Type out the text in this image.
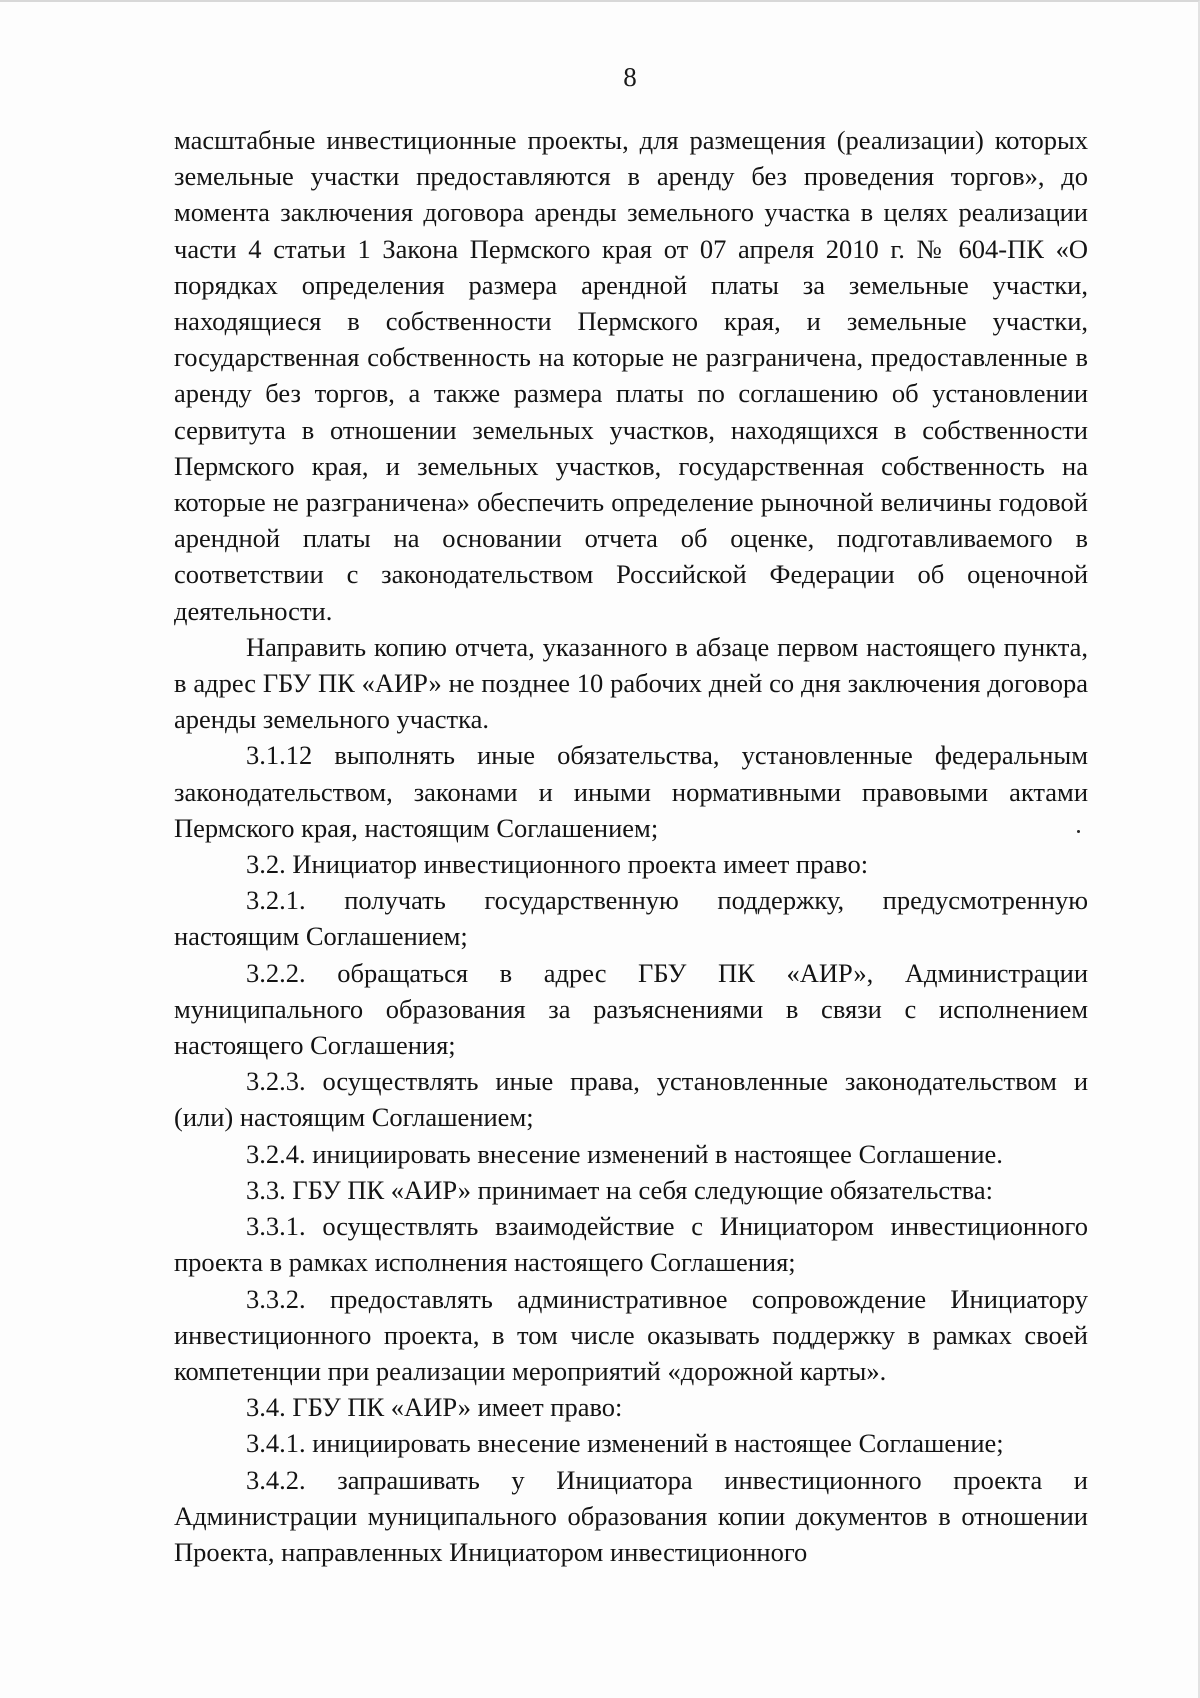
8

масштабные инвестиционные проекты, для размещения (реализации) которых земельные участки предоставляются в аренду без проведения торгов», до момента заключения договора аренды земельного участка в целях реализации части 4 статьи 1 Закона Пермского края от 07 апреля 2010 г. № 604-ПК «О порядках определения размера арендной платы за земельные участки, находящиеся в собственности Пермского края, и земельные участки, государственная собственность на которые не разграничена, предоставленные в аренду без торгов, а также размера платы по соглашению об установлении сервитута в отношении земельных участков, находящихся в собственности Пермского края, и земельных участков, государственная собственность на которые не разграничена» обеспечить определение рыночной величины годовой арендной платы на основании отчета об оценке, подготавливаемого в соответствии с законодательством Российской Федерации об оценочной деятельности.

Направить копию отчета, указанного в абзаце первом настоящего пункта, в адрес ГБУ ПК «АИР» не позднее 10 рабочих дней со дня заключения договора аренды земельного участка.

3.1.12 выполнять иные обязательства, установленные федеральным законодательством, законами и иными нормативными правовыми актами Пермского края, настоящим Соглашением;

3.2. Инициатор инвестиционного проекта имеет право:

3.2.1. получать государственную поддержку, предусмотренную настоящим Соглашением;

3.2.2. обращаться в адрес ГБУ ПК «АИР», Администрации муниципального образования за разъяснениями в связи с исполнением настоящего Соглашения;

3.2.3. осуществлять иные права, установленные законодательством и (или) настоящим Соглашением;

3.2.4. инициировать внесение изменений в настоящее Соглашение.

3.3. ГБУ ПК «АИР» принимает на себя следующие обязательства:

3.3.1. осуществлять взаимодействие с Инициатором инвестиционного проекта в рамках исполнения настоящего Соглашения;

3.3.2. предоставлять административное сопровождение Инициатору инвестиционного проекта, в том числе оказывать поддержку в рамках своей компетенции при реализации мероприятий «дорожной карты».

3.4. ГБУ ПК «АИР» имеет право:

3.4.1. инициировать внесение изменений в настоящее Соглашение;

3.4.2. запрашивать у Инициатора инвестиционного проекта и Администрации муниципального образования копии документов в отношении Проекта, направленных Инициатором инвестиционного
